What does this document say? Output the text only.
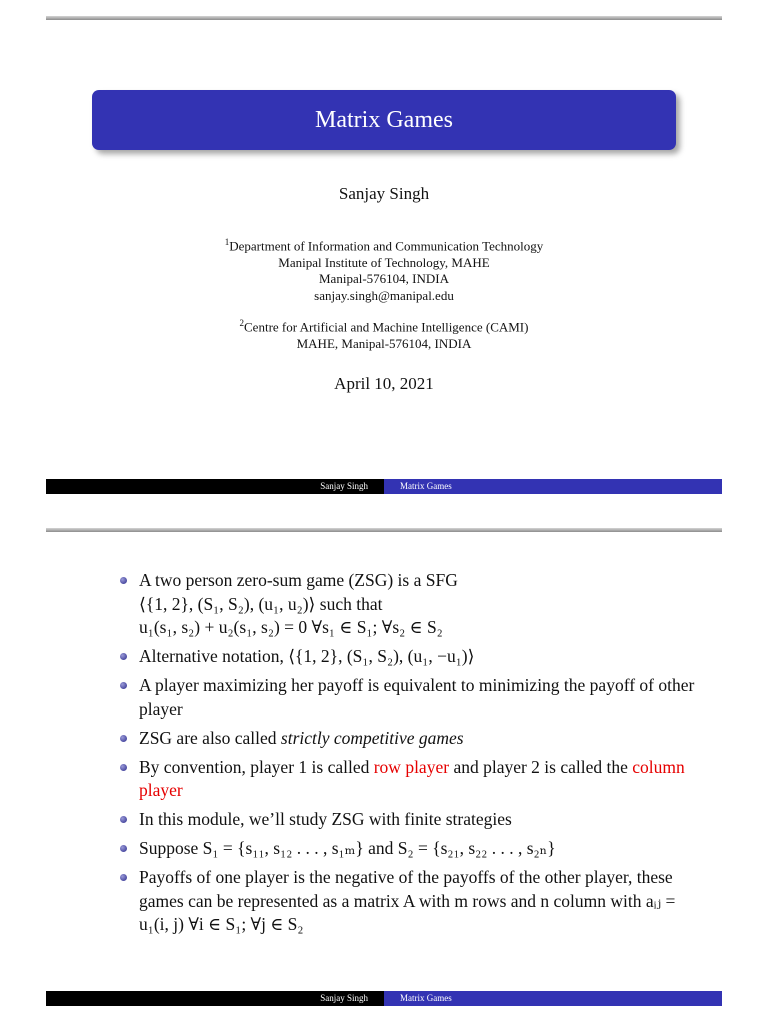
Matrix Games
Sanjay Singh
$^1$Department of Information and Communication Technology
Manipal Institute of Technology, MAHE
Manipal-576104, INDIA
sanjay.singh@manipal.edu
$^2$Centre for Artificial and Machine Intelligence (CAMI)
MAHE, Manipal-576104, INDIA
April 10, 2021
Sanjay Singh	Matrix Games
A two person zero-sum game (ZSG) is a SFG
⟨{1, 2}, (S₁, S₂), (u₁, u₂)⟩ such that
u₁(s₁, s₂) + u₂(s₁, s₂) = 0 ∀s₁ ∈ S₁; ∀s₂ ∈ S₂
Alternative notation, ⟨{1, 2}, (S₁, S₂), (u₁, −u₁)⟩
A player maximizing her payoff is equivalent to minimizing the payoff of other player
ZSG are also called strictly competitive games
By convention, player 1 is called row player and player 2 is called the column player
In this module, we’ll study ZSG with finite strategies
Suppose S₁ = {s₁₁, s₁₂ . . . , s₁ₘ} and S₂ = {s₂₁, s₂₂ . . . , s₂ₙ}
Payoffs of one player is the negative of the payoffs of the other player, these games can be represented as a matrix A with m rows and n column with aᵢⱼ = u₁(i, j) ∀i ∈ S₁; ∀j ∈ S₂
Sanjay Singh	Matrix Games
